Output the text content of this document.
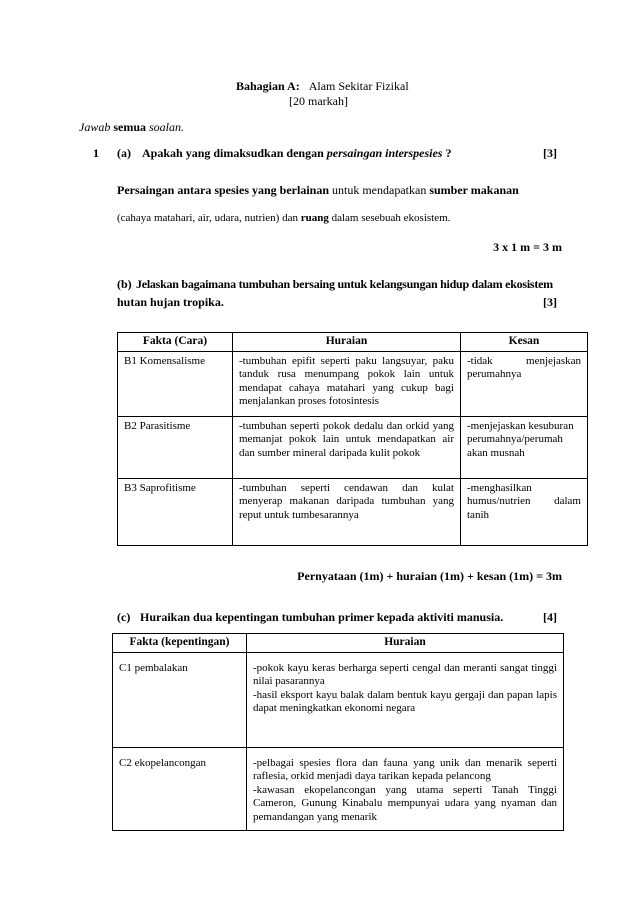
Bahagian A: Alam Sekitar Fizikal
[20 markah]
Jawab semua soalan.
1 (a) Apakah yang dimaksudkan dengan persaingan interspesies ?	[3]
Persaingan antara spesies yang berlainan untuk mendapatkan sumber makanan
(cahaya matahari, air, udara, nutrien) dan ruang dalam sesebuah ekosistem.
3 x 1 m = 3 m
(b) Jelaskan bagaimana tumbuhan bersaing untuk kelangsungan hidup dalam ekosistem
hutan hujan tropika.	[3]
Fakta (Cara)	Huraian	Kesan
B1 Komensalisme	-tumbuhan epifit seperti paku langsuyar, paku tanduk rusa menumpang pokok lain untuk mendapat cahaya matahari yang cukup bagi menjalankan proses fotosintesis	-tidak menjejaskan perumahnya
B2 Parasitisme	-tumbuhan seperti pokok dedalu dan orkid yang memanjat pokok lain untuk mendapatkan air dan sumber mineral daripada kulit pokok	-menjejaskan kesuburan perumahnya/perumah akan musnah
B3 Saprofitisme	-tumbuhan seperti cendawan dan kulat menyerap makanan daripada tumbuhan yang reput untuk tumbesarannya	-menghasilkan humus/nutrien dalam tanih
Pernyataan (1m) + huraian (1m) + kesan (1m) = 3m
(c) Huraikan dua kepentingan tumbuhan primer kepada aktiviti manusia.	[4]
Fakta (kepentingan)	Huraian
C1 pembalakan	-pokok kayu keras berharga seperti cengal dan meranti sangat tinggi nilai pasarannya
-hasil eksport kayu balak dalam bentuk kayu gergaji dan papan lapis dapat meningkatkan ekonomi negara

C2 ekopelancongan	-pelbagai spesies flora dan fauna yang unik dan menarik seperti raflesia, orkid menjadi daya tarikan kepada pelancong
-kawasan ekopelancongan yang utama seperti Tanah Tinggi Cameron, Gunung Kinabalu mempunyai udara yang nyaman dan pemandangan yang menarik
